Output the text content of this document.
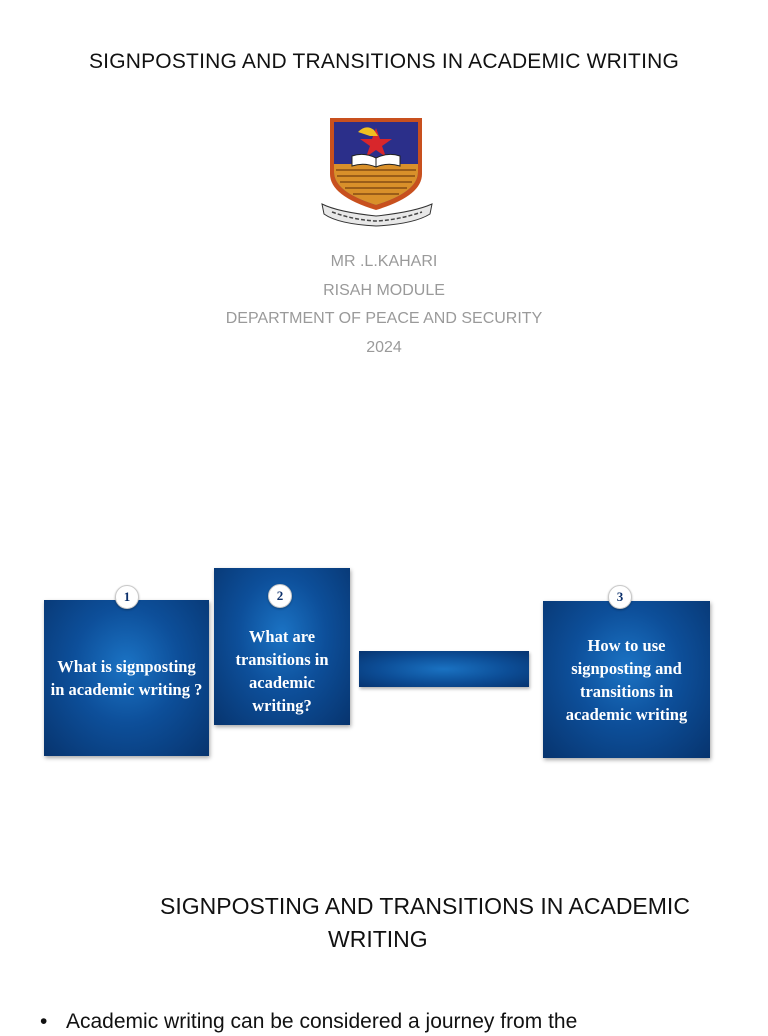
SIGNPOSTING AND TRANSITIONS IN ACADEMIC WRITING
MR .L.KAHARI
RISAH MODULE
DEPARTMENT OF PEACE AND SECURITY
2024
What is signposting in academic writing ?
1
What are transitions in academic writing?
2
How to use signposting and transitions in academic writing
3
SIGNPOSTING AND TRANSITIONS IN ACADEMIC
WRITING
• Academic writing can be considered a journey from the
